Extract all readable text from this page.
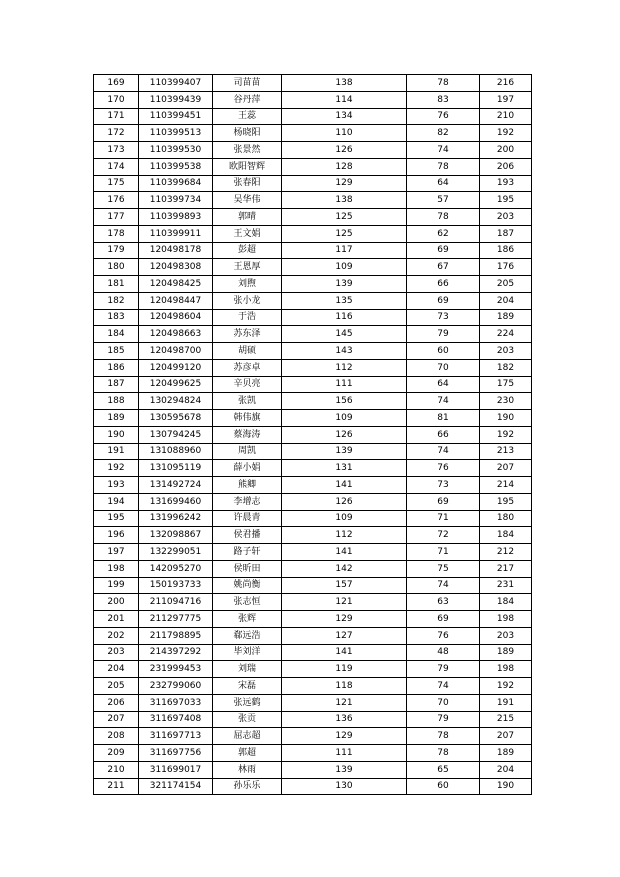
169	110399407	司苗苗	138	78	216
170	110399439	谷丹萍	114	83	197
171	110399451	王蕊	134	76	210
172	110399513	杨晓阳	110	82	192
173	110399530	张景然	126	74	200
174	110399538	欧阳智辉	128	78	206
175	110399684	张春阳	129	64	193
176	110399734	吴华伟	138	57	195
177	110399893	郭晴	125	78	203
178	110399911	王文娟	125	62	187
179	120498178	彭超	117	69	186
180	120498308	王恩厚	109	67	176
181	120498425	刘煦	139	66	205
182	120498447	张小龙	135	69	204
183	120498604	于浩	116	73	189
184	120498663	苏东泽	145	79	224
185	120498700	胡硕	143	60	203
186	120499120	苏彦卓	112	70	182
187	120499625	辛贝亮	111	64	175
188	130294824	张凯	156	74	230
189	130595678	韩伟旗	109	81	190
190	130794245	蔡海涛	126	66	192
191	131088960	周凯	139	74	213
192	131095119	薛小娟	131	76	207
193	131492724	熊卿	141	73	214
194	131699460	李增志	126	69	195
195	131996242	许晨青	109	71	180
196	132098867	侯君播	112	72	184
197	132299051	路子轩	141	71	212
198	142095270	侯昕田	142	75	217
199	150193733	姚尚衡	157	74	231
200	211094716	张志恒	121	63	184
201	211297775	张辉	129	69	198
202	211798895	郗远浩	127	76	203
203	214397292	毕刘洋	141	48	189
204	231999453	刘瑞	119	79	198
205	232799060	宋磊	118	74	192
206	311697033	张远鹤	121	70	191
207	311697408	张贡	136	79	215
208	311697713	屈志超	129	78	207
209	311697756	郭超	111	78	189
210	311699017	林雨	139	65	204
211	321174154	孙乐乐	130	60	190
